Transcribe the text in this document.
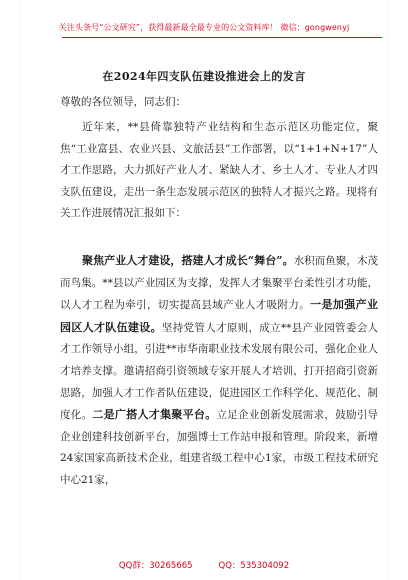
关注头条号“公文研究”，获得最新最全最专业的公文资料库！ 微信：gongwenyj
在2024年四支队伍建设推进会上的发言
尊敬的各位领导，同志们：

近年来，**县倚靠独特产业结构和生态示范区功能定位，聚焦“工业富县、农业兴县、文旅活县”工作部署，以“1+1+N+17”人才工作思路，大力抓好产业人才、紧缺人才、乡土人才、专业人才四支队伍建设，走出一条生态发展示范区的独特人才振兴之路。现将有关工作进展情况汇报如下：

聚焦产业人才建设，搭建人才成长“舞台”。水积而鱼聚，木茂而鸟集。**县以产业园区为支撑，发挥人才集聚平台柔性引才功能，以人才工程为牵引，切实提高县域产业人才吸附力。一是加强产业园区人才队伍建设。坚持党管人才原则，成立**县产业园管委会人才工作领导小组，引进**市华南职业技术发展有限公司，强化企业人才培养支撑。邀请招商引资领域专家开展人才培训，打开招商引资新思路，加强人才工作者队伍建设，促进园区工作科学化、规范化、制度化。二是广搭人才集聚平台。立足企业创新发展需求，鼓励引导企业创建科技创新平台，加强博士工作站申报和管理。阶段来，新增24家国家高新技术企业，组建省级工程中心1家，市级工程技术研究中心21家，

QQ群：30265665	QQ：535304092
